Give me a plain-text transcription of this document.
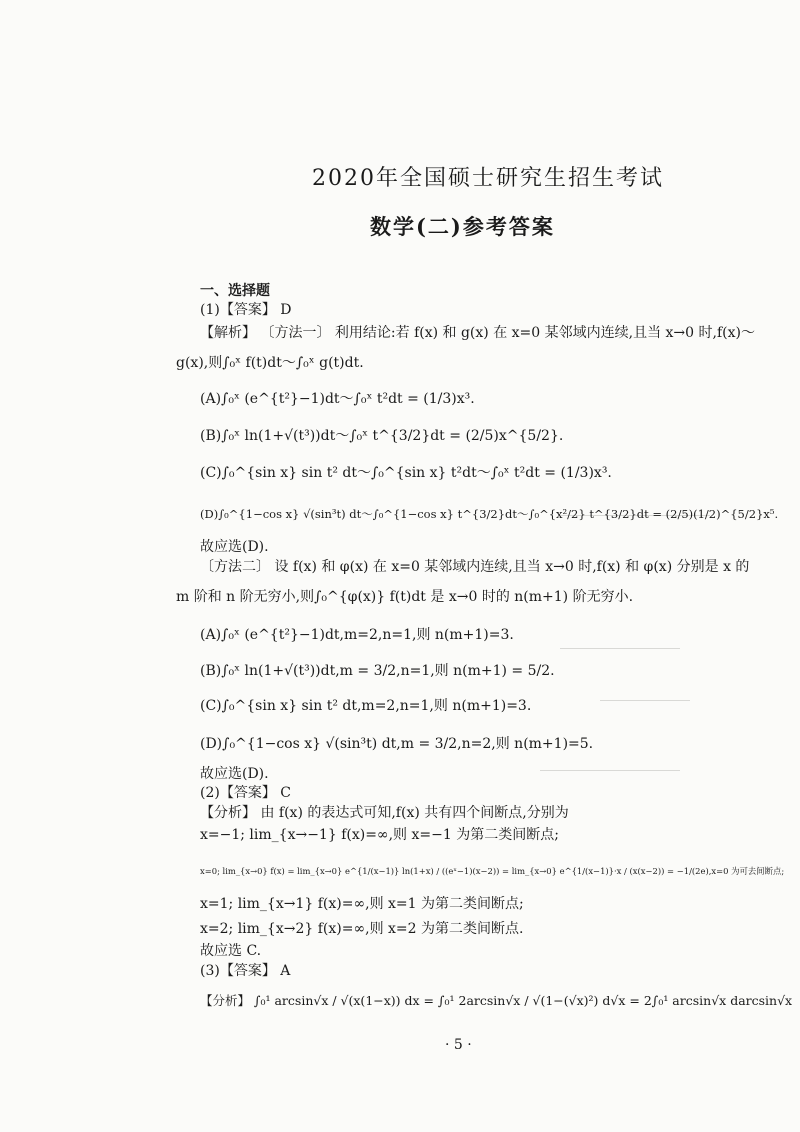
2020年全国硕士研究生招生考试
数学(二)参考答案
一、选择题
(1)【答案】 D
【解析】 〔方法一〕 利用结论:若 f(x) 和 g(x) 在 x=0 某邻域内连续,且当 x→0 时,f(x)～
g(x),则∫₀ˣ f(t)dt～∫₀ˣ g(t)dt.
(A)∫₀ˣ (e^{t²}−1)dt～∫₀ˣ t²dt = (1/3)x³.
(B)∫₀ˣ ln(1+√(t³))dt～∫₀ˣ t^{3/2}dt = (2/5)x^{5/2}.
(C)∫₀^{sin x} sin t² dt～∫₀^{sin x} t²dt～∫₀ˣ t²dt = (1/3)x³.
(D)∫₀^{1−cos x} √(sin³t) dt～∫₀^{1−cos x} t^{3/2}dt～∫₀^{x²/2} t^{3/2}dt = (2/5)(1/2)^{5/2}x⁵.
故应选(D).
〔方法二〕 设 f(x) 和 φ(x) 在 x=0 某邻域内连续,且当 x→0 时,f(x) 和 φ(x) 分别是 x 的
m 阶和 n 阶无穷小,则∫₀^{φ(x)} f(t)dt 是 x→0 时的 n(m+1) 阶无穷小.
(A)∫₀ˣ (e^{t²}−1)dt,m=2,n=1,则 n(m+1)=3.
(B)∫₀ˣ ln(1+√(t³))dt,m = 3/2,n=1,则 n(m+1) = 5/2.
(C)∫₀^{sin x} sin t² dt,m=2,n=1,则 n(m+1)=3.
(D)∫₀^{1−cos x} √(sin³t) dt,m = 3/2,n=2,则 n(m+1)=5.
故应选(D).
(2)【答案】 C
【分析】 由 f(x) 的表达式可知,f(x) 共有四个间断点,分别为
x=−1; lim_{x→−1} f(x)=∞,则 x=−1 为第二类间断点;
x=0; lim_{x→0} f(x) = lim_{x→0} e^{1/(x−1)} ln(1+x) / ((eˣ−1)(x−2)) = lim_{x→0} e^{1/(x−1)}·x / (x(x−2)) = −1/(2e),x=0 为可去间断点;
x=1; lim_{x→1} f(x)=∞,则 x=1 为第二类间断点;
x=2; lim_{x→2} f(x)=∞,则 x=2 为第二类间断点.
故应选 C.
(3)【答案】 A
【分析】 ∫₀¹ arcsin√x / √(x(1−x)) dx = ∫₀¹ 2arcsin√x / √(1−(√x)²) d√x = 2∫₀¹ arcsin√x darcsin√x
· 5 ·
